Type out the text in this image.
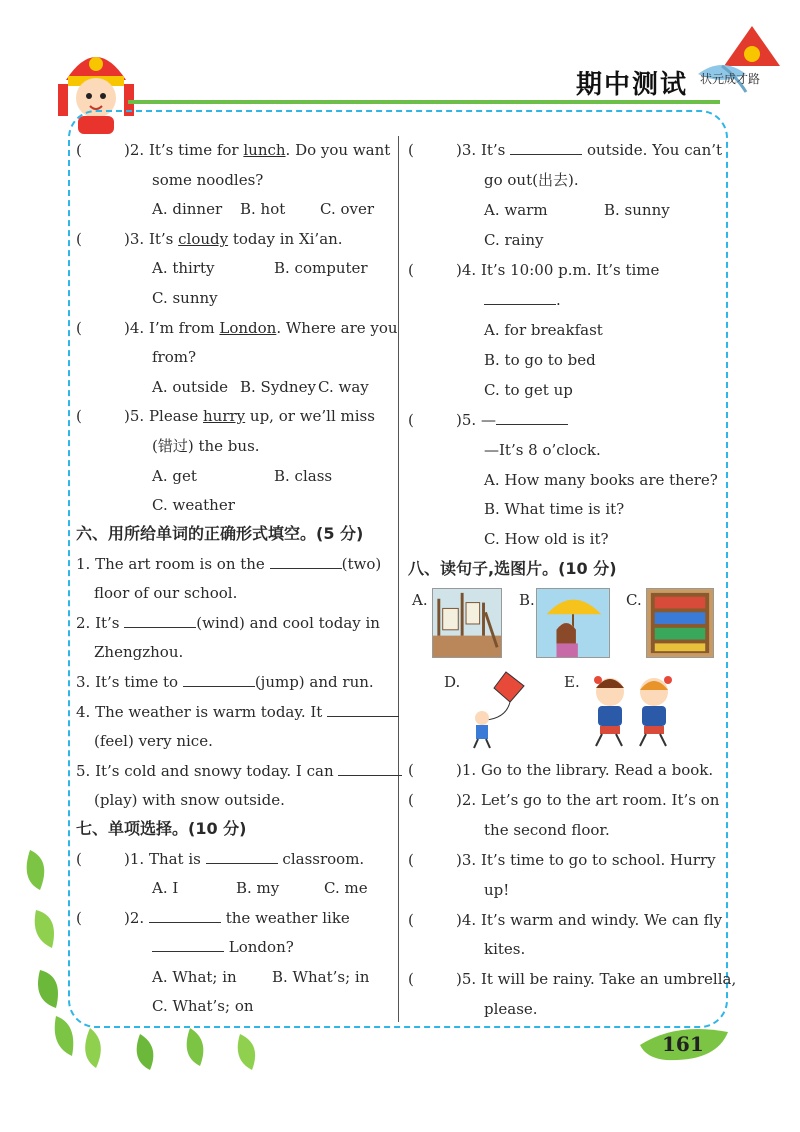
期中测试 状元成才路
(	)2. It’s time for lunch. Do you want
some noodles?
A. dinner B. hot C. over
(	)3. It’s cloudy today in Xi’an.
A. thirty	B. computer
C. sunny
(	)4. I’m from London. Where are you
from?
A. outside B. Sydney C. way
(	)5. Please hurry up, or we’ll miss
(错过) the bus.
A. get	B. class
C. weather
六、用所给单词的正确形式填空。(5 分)
1. The art room is on the	(two)
floor of our school.
2. It’s	(wind) and cool today in
Zhengzhou.
3. It’s time to	(jump) and run.
4. The weather is warm today. It
(feel) very nice.
5. It’s cold and snowy today. I can
(play) with snow outside.
七、单项选择。(10 分)
(	)1. That is	classroom.
A. I	B. my	C. me
(	)2.	the weather like
London?
A. What; in B. What’s; in
C. What’s; on
(	)3. It’s	outside. You can’t
go out(出去).
A. warm	B. sunny
C. rainy
(	)4. It’s 10:00 p.m. It’s time
.
A. for breakfast
B. to go to bed
C. to get up
(	)5. —
—It’s 8 o’clock.
A. How many books are there?
B. What time is it?
C. How old is it?
八、读句子,选图片。(10 分)
A.	B.	C.
D.	E.
(	)1. Go to the library. Read a book.
(	)2. Let’s go to the art room. It’s on
the second floor.
(	)3. It’s time to go to school. Hurry
up!
(	)4. It’s warm and windy. We can fly
kites.
(	)5. It will be rainy. Take an umbrella,
please.
161
